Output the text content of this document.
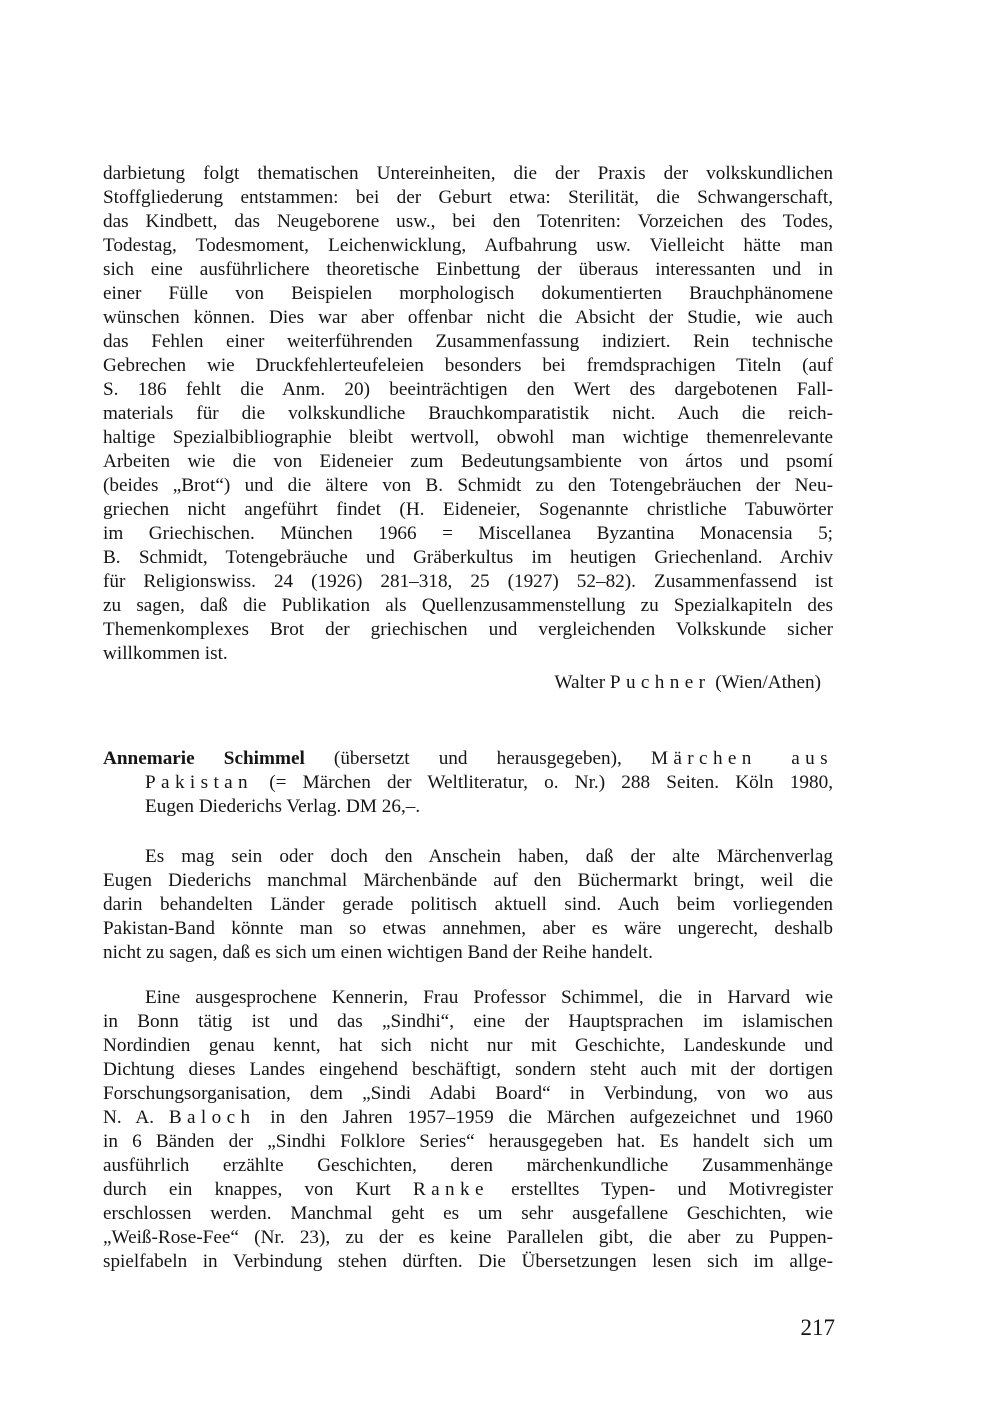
darbietung folgt thematischen Untereinheiten, die der Praxis der volkskundlichen
Stoffgliederung entstammen: bei der Geburt etwa: Sterilität, die Schwangerschaft,
das Kindbett, das Neugeborene usw., bei den Totenriten: Vorzeichen des Todes,
Todestag, Todesmoment, Leichenwicklung, Aufbahrung usw. Vielleicht hätte man
sich eine ausführlichere theoretische Einbettung der überaus interessanten und in
einer Fülle von Beispielen morphologisch dokumentierten Brauchphänomene
wünschen können. Dies war aber offenbar nicht die Absicht der Studie, wie auch
das Fehlen einer weiterführenden Zusammenfassung indiziert. Rein technische
Gebrechen wie Druckfehlerteufeleien besonders bei fremdsprachigen Titeln (auf
S. 186 fehlt die Anm. 20) beeinträchtigen den Wert des dargebotenen Fall-
materials für die volkskundliche Brauchkomparatistik nicht. Auch die reich-
haltige Spezialbibliographie bleibt wertvoll, obwohl man wichtige themenrelevante
Arbeiten wie die von Eideneier zum Bedeutungsambiente von ártos und psomí
(beides „Brot“) und die ältere von B. Schmidt zu den Totengebräuchen der Neu-
griechen nicht angeführt findet (H. Eideneier, Sogenannte christliche Tabuwörter
im Griechischen. München 1966 = Miscellanea Byzantina Monacensia 5;
B. Schmidt, Totengebräuche und Gräberkultus im heutigen Griechenland. Archiv
für Religionswiss. 24 (1926) 281–318, 25 (1927) 52–82). Zusammenfassend ist
zu sagen, daß die Publikation als Quellenzusammenstellung zu Spezialkapiteln des
Themenkomplexes Brot der griechischen und vergleichenden Volkskunde sicher
willkommen ist.
Walter Puchner (Wien/Athen)
Annemarie Schimmel (übersetzt und herausgegeben), Märchen aus
Pakistan (= Märchen der Weltliteratur, o. Nr.) 288 Seiten. Köln 1980,
Eugen Diederichs Verlag. DM 26,–.
Es mag sein oder doch den Anschein haben, daß der alte Märchenverlag
Eugen Diederichs manchmal Märchenbände auf den Büchermarkt bringt, weil die
darin behandelten Länder gerade politisch aktuell sind. Auch beim vorliegenden
Pakistan-Band könnte man so etwas annehmen, aber es wäre ungerecht, deshalb
nicht zu sagen, daß es sich um einen wichtigen Band der Reihe handelt.
Eine ausgesprochene Kennerin, Frau Professor Schimmel, die in Harvard wie
in Bonn tätig ist und das „Sindhi“, eine der Hauptsprachen im islamischen
Nordindien genau kennt, hat sich nicht nur mit Geschichte, Landeskunde und
Dichtung dieses Landes eingehend beschäftigt, sondern steht auch mit der dortigen
Forschungsorganisation, dem „Sindi Adabi Board“ in Verbindung, von wo aus
N. A. Baloch in den Jahren 1957–1959 die Märchen aufgezeichnet und 1960
in 6 Bänden der „Sindhi Folklore Series“ herausgegeben hat. Es handelt sich um
ausführlich erzählte Geschichten, deren märchenkundliche Zusammenhänge
durch ein knappes, von Kurt Ranke erstelltes Typen- und Motivregister
erschlossen werden. Manchmal geht es um sehr ausgefallene Geschichten, wie
„Weiß-Rose-Fee“ (Nr. 23), zu der es keine Parallelen gibt, die aber zu Puppen-
spielfabeln in Verbindung stehen dürften. Die Übersetzungen lesen sich im allge-
217
